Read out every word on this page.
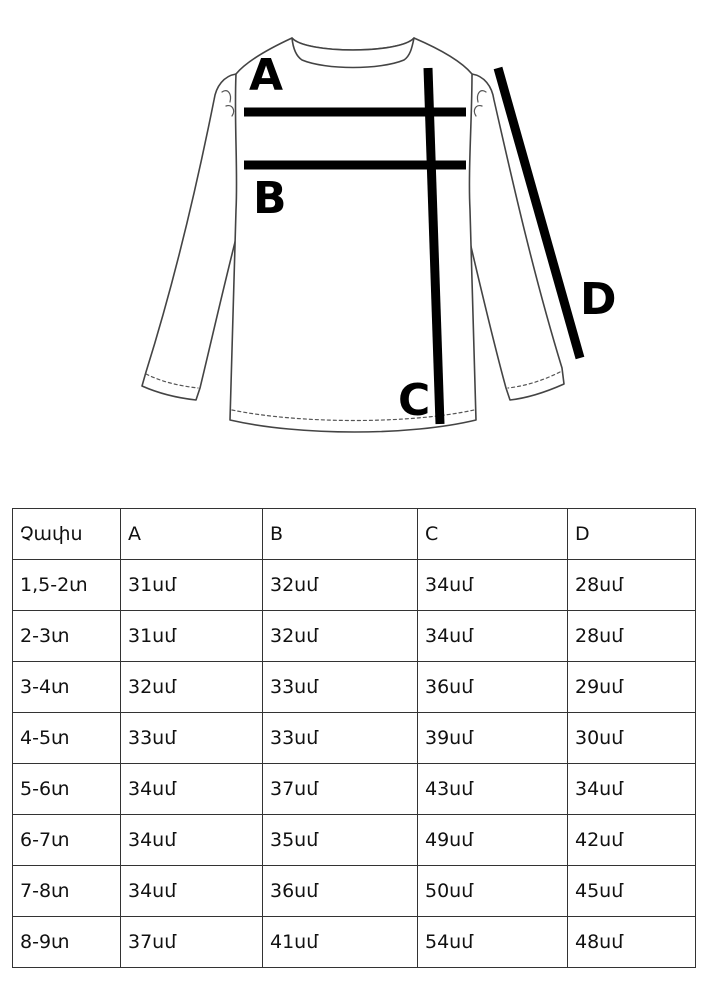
A
B
C
D
Չափս	A	B	C	D
1,5-2տ	31սմ	32սմ	34սմ	28սմ
2-3տ	31սմ	32սմ	34սմ	28սմ
3-4տ	32սմ	33սմ	36սմ	29սմ
4-5տ	33սմ	33սմ	39սմ	30սմ
5-6տ	34սմ	37սմ	43սմ	34սմ
6-7տ	34սմ	35սմ	49սմ	42սմ
7-8տ	34սմ	36սմ	50սմ	45սմ
8-9տ	37սմ	41սմ	54սմ	48սմ
